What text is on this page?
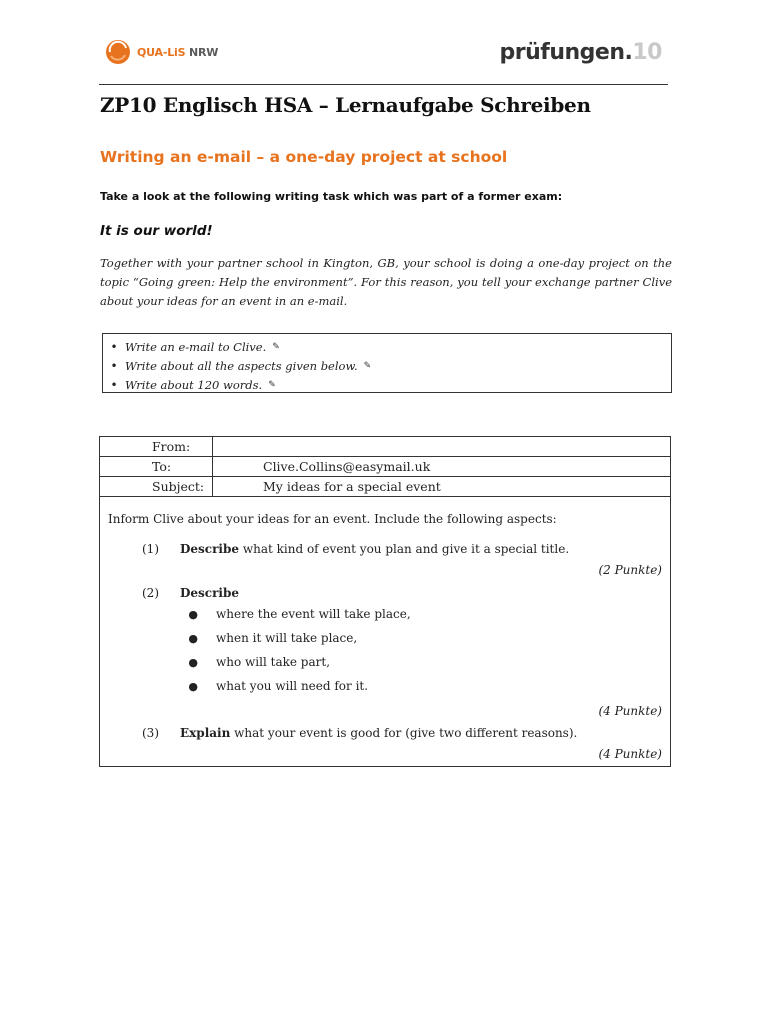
QUA-LiS NRW	prüfungen.10
ZP10 Englisch HSA – Lernaufgabe Schreiben
Writing an e-mail – a one-day project at school
Take a look at the following writing task which was part of a former exam:
It is our world!
Together with your partner school in Kington, GB, your school is doing a one-day project on the topic “Going green: Help the environment”. For this reason, you tell your exchange partner Clive about your ideas for an event in an e-mail.
• Write an e-mail to Clive. ✎
• Write about all the aspects given below. ✎
• Write about 120 words. ✎
From:
To:	Clive.Collins@easymail.uk
Subject:	My ideas for a special event

Inform Clive about your ideas for an event. Include the following aspects:

(1)	Describe what kind of event you plan and give it a special title.
(2 Punkte)
(2)	Describe
●	where the event will take place,
●	when it will take place,
●	who will take part,
●	what you will need for it.
(4 Punkte)
(3)	Explain what your event is good for (give two different reasons).
(4 Punkte)
